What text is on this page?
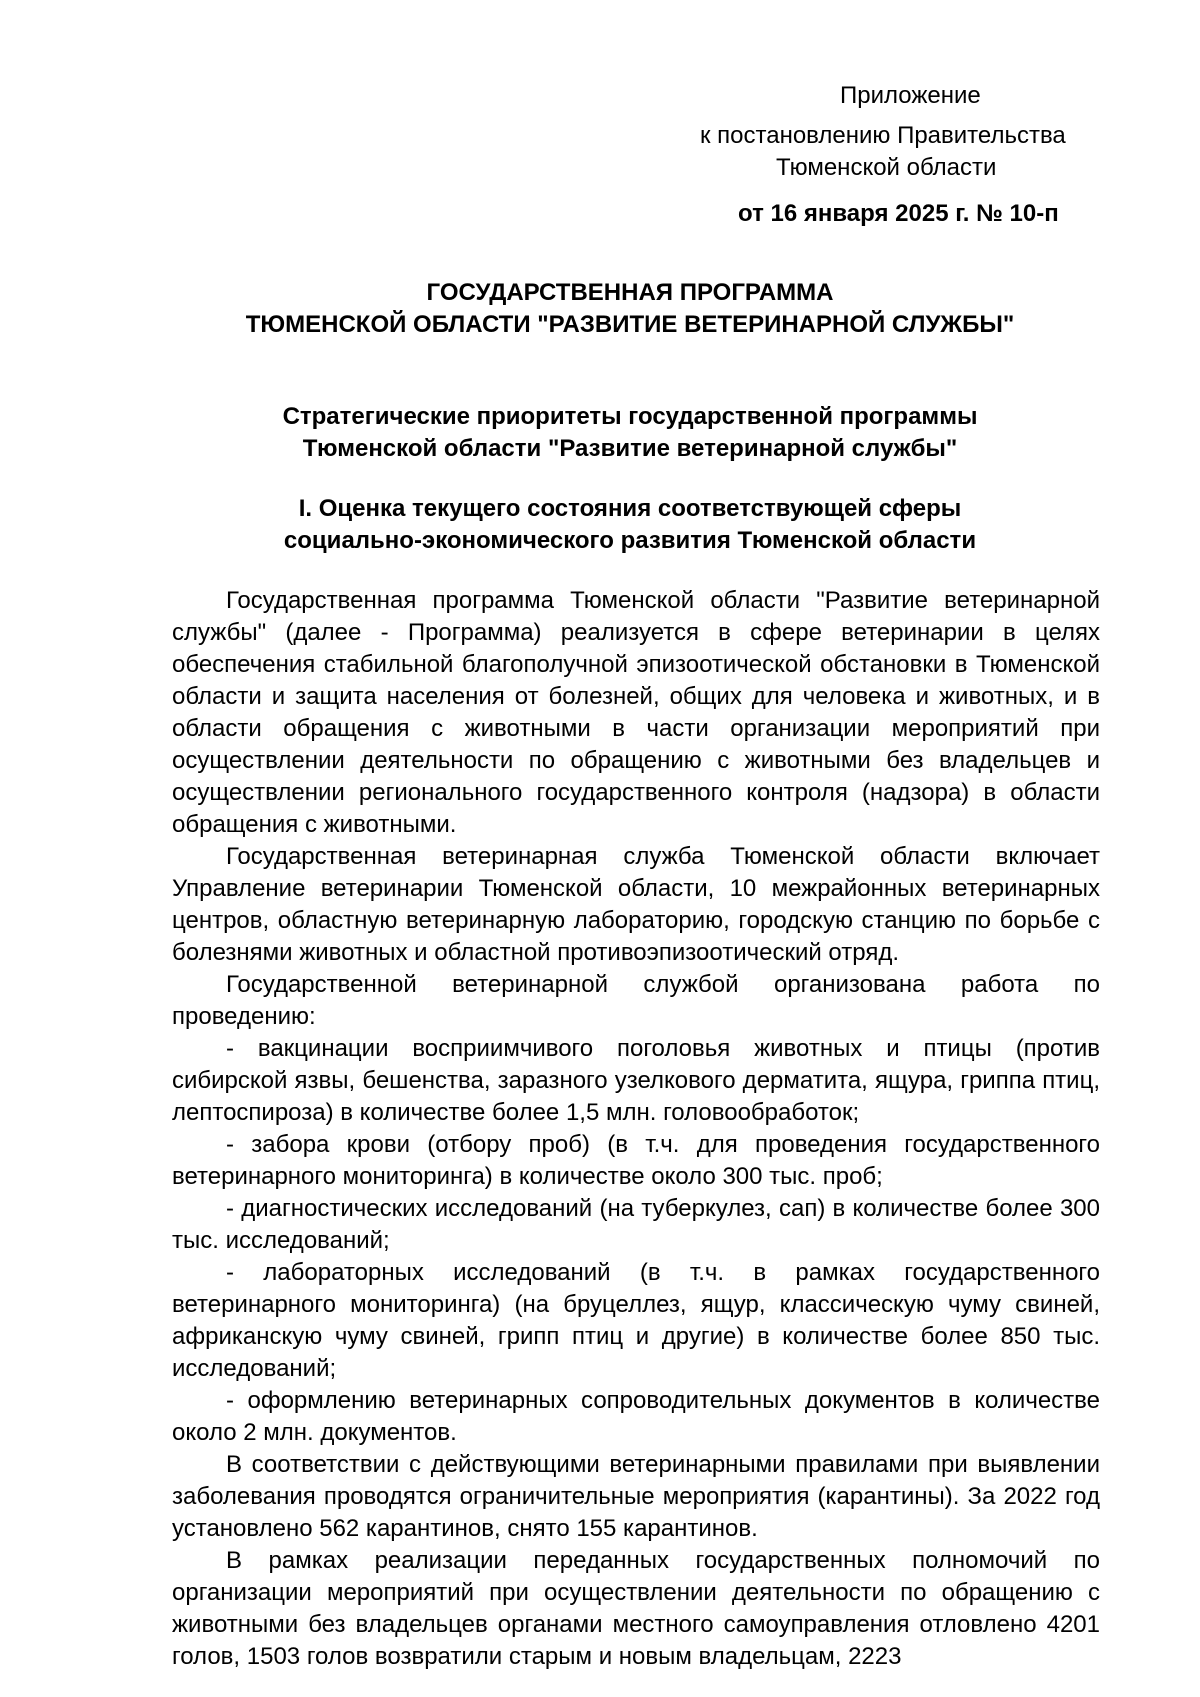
Приложение
к постановлению Правительства
Тюменской области
от 16 января 2025 г. № 10-п
ГОСУДАРСТВЕННАЯ ПРОГРАММА
ТЮМЕНСКОЙ ОБЛАСТИ "РАЗВИТИЕ ВЕТЕРИНАРНОЙ СЛУЖБЫ"
Стратегические приоритеты государственной программы
Тюменской области "Развитие ветеринарной службы"
I. Оценка текущего состояния соответствующей сферы
социально-экономического развития Тюменской области

Государственная программа Тюменской области "Развитие ветеринарной службы" (далее - Программа) реализуется в сфере ветеринарии в целях обеспечения стабильной благополучной эпизоотической обстановки в Тюменской области и защита населения от болезней, общих для человека и животных, и в области обращения с животными в части организации мероприятий при осуществлении деятельности по обращению с животными без владельцев и осуществлении регионального государственного контроля (надзора) в области обращения с животными.

Государственная ветеринарная служба Тюменской области включает Управление ветеринарии Тюменской области, 10 межрайонных ветеринарных центров, областную ветеринарную лабораторию, городскую станцию по борьбе с болезнями животных и областной противоэпизоотический отряд.

Государственной ветеринарной службой организована работа по проведению:

- вакцинации восприимчивого поголовья животных и птицы (против сибирской язвы, бешенства, заразного узелкового дерматита, ящура, гриппа птиц, лептоспироза) в количестве более 1,5 млн. головообработок;

- забора крови (отбору проб) (в т.ч. для проведения государственного ветеринарного мониторинга) в количестве около 300 тыс. проб;

- диагностических исследований (на туберкулез, сап) в количестве более 300 тыс. исследований;

- лабораторных исследований (в т.ч. в рамках государственного ветеринарного мониторинга) (на бруцеллез, ящур, классическую чуму свиней, африканскую чуму свиней, грипп птиц и другие) в количестве более 850 тыс. исследований;

- оформлению ветеринарных сопроводительных документов в количестве около 2 млн. документов.

В соответствии с действующими ветеринарными правилами при выявлении заболевания проводятся ограничительные мероприятия (карантины). За 2022 год установлено 562 карантинов, снято 155 карантинов.

В рамках реализации переданных государственных полномочий по организации мероприятий при осуществлении деятельности по обращению с животными без владельцев органами местного самоуправления отловлено 4201 голов, 1503 голов возвратили старым и новым владельцам, 2223
